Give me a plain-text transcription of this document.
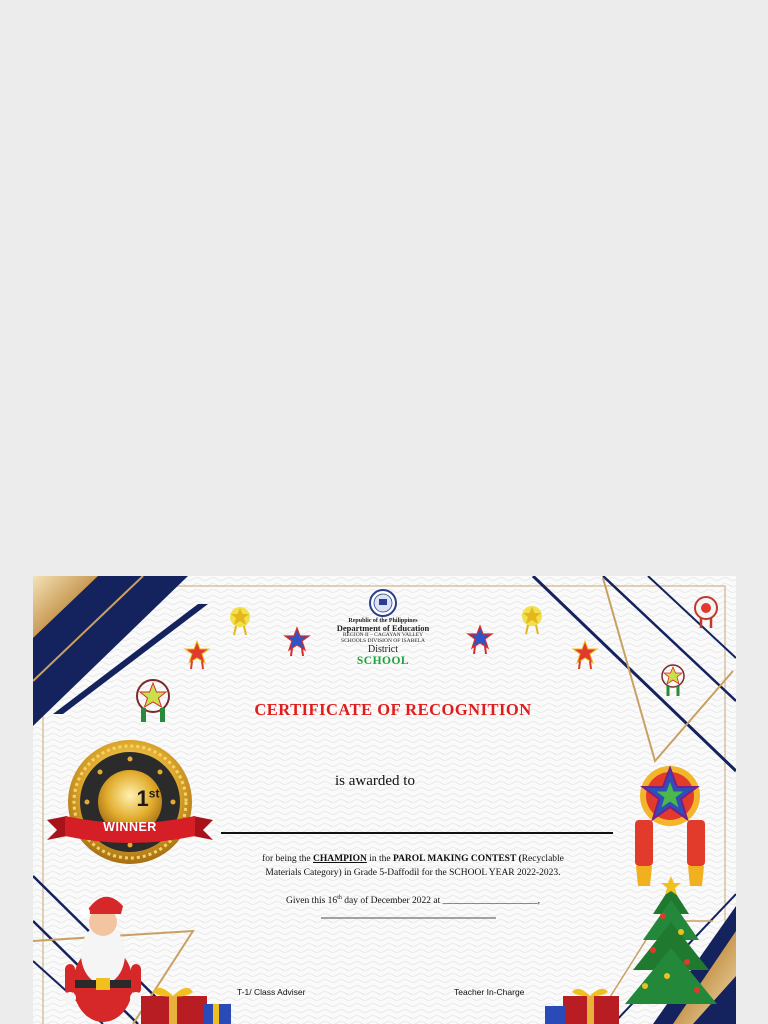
1st
WINNER
Republic of the Philippines
Department of Education
REGION II – CAGAYAN VALLEY
SCHOOLS DIVISION OF ISABELA
District
SCHOOL
CERTIFICATE OF RECOGNITION
is awarded to
for being the CHAMPION in the PAROL MAKING CONTEST (Recyclable
Materials Category) in Grade 5-Daffodil for the SCHOOL YEAR 2022-2023.
Given this 16th day of December 2022 at ____________________,
T-1/ Class Adviser	Teacher In-Charge
